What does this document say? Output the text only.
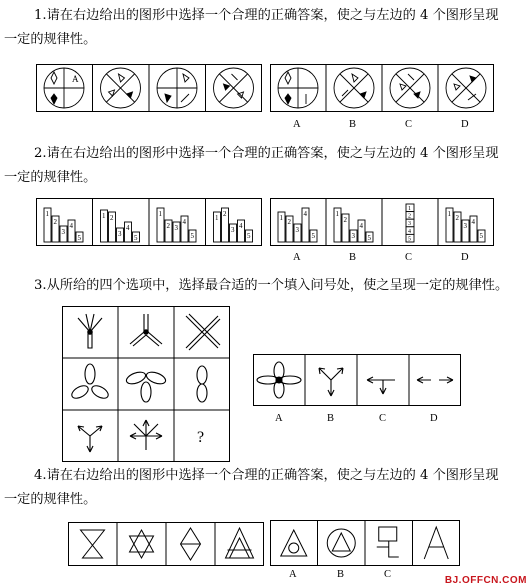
1.请在右边给出的图形中选择一个合理的正确答案，使之与左边的 4 个图形呈现
一定的规律性。
A
A	B	C	D
2.请在右边给出的图形中选择一个合理的正确答案，使之与左边的 4 个图形呈现
一定的规律性。
1
2
3
4
5
1 2
3
4
5
1
2 3
4
5
1 2
3 4
5
1 2
3
4
5
1
2
3
4
5
1
2
3
4
5
1 2
3 4
5
A	B	C	D
3.从所给的四个选项中，选择最合适的一个填入问号处，使之呈现一定的规律性。
?
A	B	C	D
4.请在右边给出的图形中选择一个合理的正确答案，使之与左边的 4 个图形呈现
一定的规律性。
A	B	C
BJ.OFFCN.COM
